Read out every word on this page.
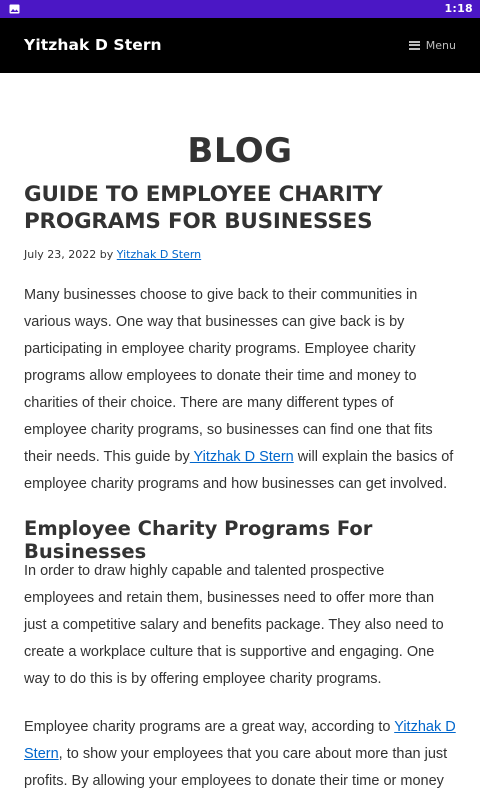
1:18
Yitzhak D Stern	Menu
BLOG
GUIDE TO EMPLOYEE CHARITY PROGRAMS FOR BUSINESSES
July 23, 2022 by Yitzhak D Stern

Many businesses choose to give back to their communities in various ways. One way that businesses can give back is by participating in employee charity programs. Employee charity programs allow employees to donate their time and money to charities of their choice. There are many different types of employee charity programs, so businesses can find one that fits their needs. This guide by Yitzhak D Stern will explain the basics of employee charity programs and how businesses can get involved.

Employee Charity Programs For Businesses

In order to draw highly capable and talented prospective employees and retain them, businesses need to offer more than just a competitive salary and benefits package. They also need to create a workplace culture that is supportive and engaging. One way to do this is by offering employee charity programs.

Employee charity programs are a great way, according to Yitzhak D Stern, to show your employees that you care about more than just profits. By allowing your employees to donate their time or money
